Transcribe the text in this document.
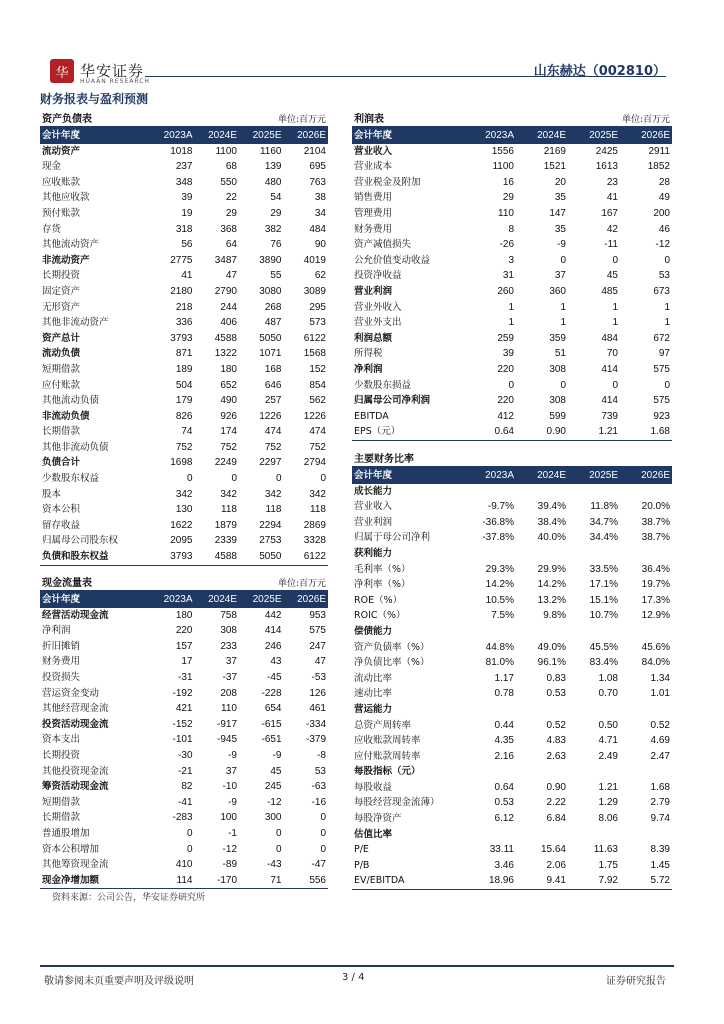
华 华安证券
HUAAN RESEARCH
山东赫达（002810）
财务报表与盈利预测
资产负债表	单位:百万元
会计年度	2023A	2024E	2025E	2026E
流动资产	1018	1100	1160	2104
现金	237	68	139	695
应收账款	348	550	480	763
其他应收款	39	22	54	38
预付账款	19	29	29	34
存货	318	368	382	484
其他流动资产	56	64	76	90
非流动资产	2775	3487	3890	4019
长期投资	41	47	55	62
固定资产	2180	2790	3080	3089
无形资产	218	244	268	295
其他非流动资产	336	406	487	573
资产总计	3793	4588	5050	6122
流动负债	871	1322	1071	1568
短期借款	189	180	168	152
应付账款	504	652	646	854
其他流动负债	179	490	257	562
非流动负债	826	926	1226	1226
长期借款	74	174	474	474
其他非流动负债	752	752	752	752
负债合计	1698	2249	2297	2794
少数股东权益	0	0	0	0
股本	342	342	342	342
资本公积	130	118	118	118
留存收益	1622	1879	2294	2869
归属母公司股东权	2095	2339	2753	3328
负债和股东权益	3793	4588	5050	6122
现金流量表	单位:百万元
会计年度	2023A	2024E	2025E	2026E
经营活动现金流	180	758	442	953
净利润	220	308	414	575
折旧摊销	157	233	246	247
财务费用	17	37	43	47
投资损失	-31	-37	-45	-53
营运资金变动	-192	208	-228	126
其他经营现金流	421	110	654	461
投资活动现金流	-152	-917	-615	-334
资本支出	-101	-945	-651	-379
长期投资	-30	-9	-9	-8
其他投资现金流	-21	37	45	53
筹资活动现金流	82	-10	245	-63
短期借款	-41	-9	-12	-16
长期借款	-283	100	300	0
普通股增加	0	-1	0	0
资本公积增加	0	-12	0	0
其他筹资现金流	410	-89	-43	-47
现金净增加额	114	-170	71	556
利润表	单位:百万元
会计年度	2023A	2024E	2025E	2026E
营业收入	1556	2169	2425	2911
营业成本	1100	1521	1613	1852
营业税金及附加	16	20	23	28
销售费用	29	35	41	49
管理费用	110	147	167	200
财务费用	8	35	42	46
资产减值损失	-26	-9	-11	-12
公允价值变动收益	3	0	0	0
投资净收益	31	37	45	53
营业利润	260	360	485	673
营业外收入	1	1	1	1
营业外支出	1	1	1	1
利润总额	259	359	484	672
所得税	39	51	70	97
净利润	220	308	414	575
少数股东损益	0	0	0	0
归属母公司净利润	220	308	414	575
EBITDA	412	599	739	923
EPS（元）	0.64	0.90	1.21	1.68
主要财务比率
会计年度	2023A	2024E	2025E	2026E
成长能力				
营业收入	-9.7%	39.4%	11.8%	20.0%
营业利润	-36.8%	38.4%	34.7%	38.7%
归属于母公司净利	-37.8%	40.0%	34.4%	38.7%
获利能力				
毛利率（%）	29.3%	29.9%	33.5%	36.4%
净利率（%）	14.2%	14.2%	17.1%	19.7%
ROE（%）	10.5%	13.2%	15.1%	17.3%
ROIC（%）	7.5%	9.8%	10.7%	12.9%
偿债能力				
资产负债率（%）	44.8%	49.0%	45.5%	45.6%
净负债比率（%）	81.0%	96.1%	83.4%	84.0%
流动比率	1.17	0.83	1.08	1.34
速动比率	0.78	0.53	0.70	1.01
营运能力				
总资产周转率	0.44	0.52	0.50	0.52
应收账款周转率	4.35	4.83	4.71	4.69
应付账款周转率	2.16	2.63	2.49	2.47
每股指标（元）				
每股收益	0.64	0.90	1.21	1.68
每股经营现金流薄）	0.53	2.22	1.29	2.79
每股净资产	6.12	6.84	8.06	9.74
估值比率				
P/E	33.11	15.64	11.63	8.39
P/B	3.46	2.06	1.75	1.45
EV/EBITDA	18.96	9.41	7.92	5.72
资料来源：公司公告，华安证券研究所
敬请参阅末页重要声明及评级说明	3 / 4	证券研究报告
